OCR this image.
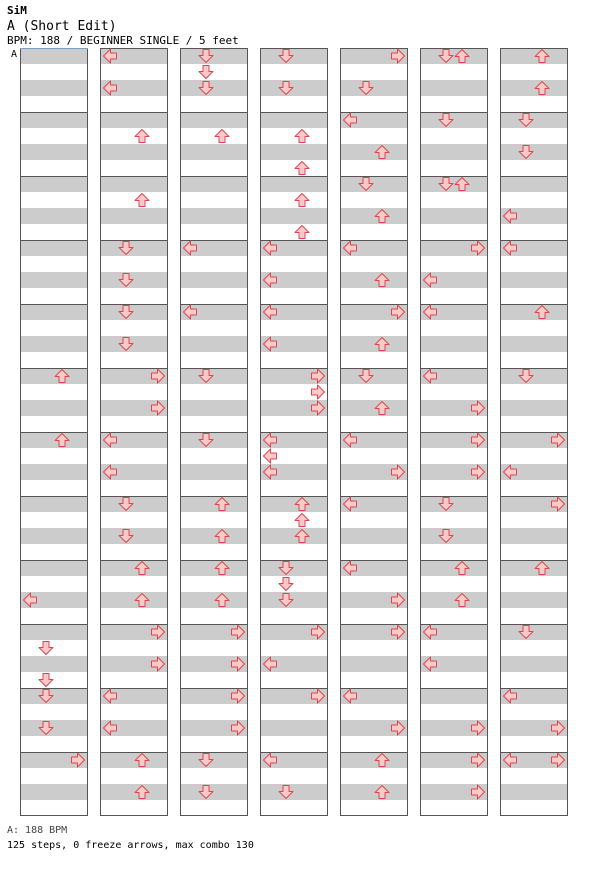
SiM
A (Short Edit)
BPM: 188 / BEGINNER SINGLE / 5 feet
A
A: 188 BPM
125 steps, 0 freeze arrows, max combo 130
